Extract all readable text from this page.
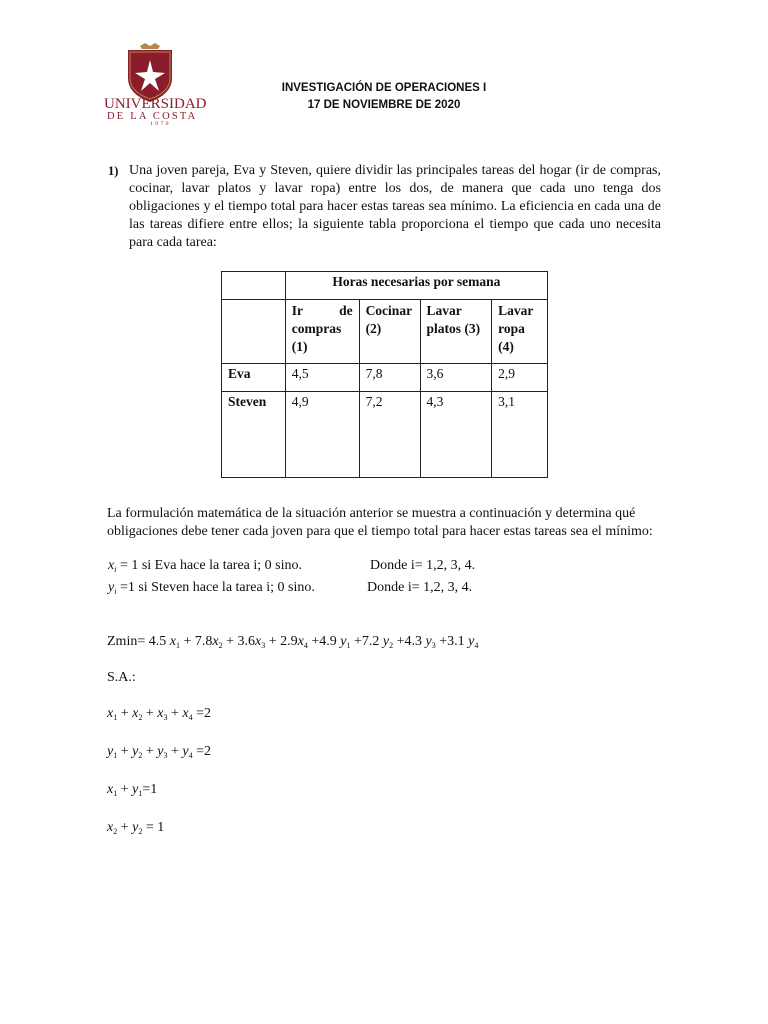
UNIVERSIDAD
DE LA COSTA
1970
INVESTIGACIÓN DE OPERACIONES I
17 DE NOVIEMBRE DE 2020
1) Una joven pareja, Eva y Steven, quiere dividir las principales tareas del hogar (ir de compras, cocinar, lavar platos y lavar ropa) entre los dos, de manera que cada uno tenga dos obligaciones y el tiempo total para hacer estas tareas sea mínimo. La eficiencia en cada una de las tareas difiere entre ellos; la siguiente tabla proporciona el tiempo que cada uno necesita para cada tarea:
	Horas necesarias por semana			

	Ir de
compras
(1)	Cocinar
(2)	Lavar
platos (3)	Lavar
ropa
(4)
Eva	4,5	7,8	3,6	2,9
Steven	4,9	7,2	4,3	3,1
La formulación matemática de la situación anterior se muestra a continuación y determina qué obligaciones debe tener cada joven para que el tiempo total para hacer estas tareas sea el mínimo:
$x_i = 1$ si Eva hace la tarea i; 0 sino.	Donde i= 1,2, 3, 4.
$y_i =1$ si Steven hace la tarea i; 0 sino.	Donde i= 1,2, 3, 4.
Zmin= 4.5 $x_1 + 7.8x_2 + 3.6x_3 + 2.9x_4 +4.9$ $y_1 +7.2$ $y_2 +4.3$ $y_3 +3.1$ $y_4$
S.A.:
$x_1 + x_2 + x_3 + x_4 =2$
$y_1 + y_2 + y_3 + y_4 =2$
$x_1 + y_1=1$
$x_2 + y_2 = 1$
